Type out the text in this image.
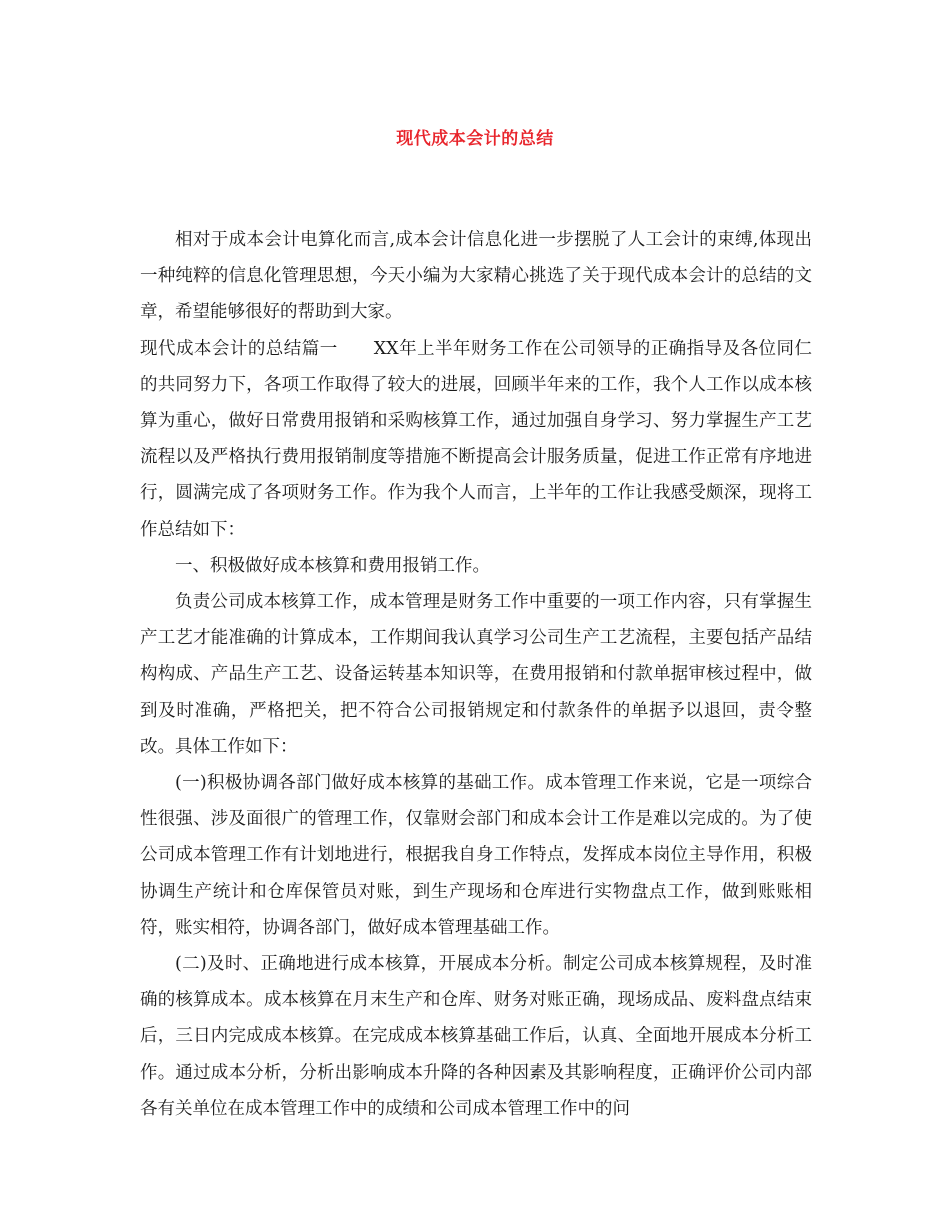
现代成本会计的总结

相对于成本会计电算化而言,成本会计信息化进一步摆脱了人工会计的束缚,体现出一种纯粹的信息化管理思想，今天小编为大家精心挑选了关于现代成本会计的总结的文章，希望能够很好的帮助到大家。

现代成本会计的总结篇一 XX年上半年财务工作在公司领导的正确指导及各位同仁的共同努力下，各项工作取得了较大的进展，回顾半年来的工作，我个人工作以成本核算为重心，做好日常费用报销和采购核算工作，通过加强自身学习、努力掌握生产工艺流程以及严格执行费用报销制度等措施不断提高会计服务质量，促进工作正常有序地进行，圆满完成了各项财务工作。作为我个人而言，上半年的工作让我感受颇深，现将工作总结如下：

一、积极做好成本核算和费用报销工作。

负责公司成本核算工作，成本管理是财务工作中重要的一项工作内容，只有掌握生产工艺才能准确的计算成本，工作期间我认真学习公司生产工艺流程，主要包括产品结构构成、产品生产工艺、设备运转基本知识等，在费用报销和付款单据审核过程中，做到及时准确，严格把关，把不符合公司报销规定和付款条件的单据予以退回，责令整改。具体工作如下：

(一)积极协调各部门做好成本核算的基础工作。成本管理工作来说，它是一项综合性很强、涉及面很广的管理工作，仅靠财会部门和成本会计工作是难以完成的。为了使公司成本管理工作有计划地进行，根据我自身工作特点，发挥成本岗位主导作用，积极协调生产统计和仓库保管员对账，到生产现场和仓库进行实物盘点工作，做到账账相符，账实相符，协调各部门，做好成本管理基础工作。

(二)及时、正确地进行成本核算，开展成本分析。制定公司成本核算规程，及时准确的核算成本。成本核算在月末生产和仓库、财务对账正确，现场成品、废料盘点结束后，三日内完成成本核算。在完成成本核算基础工作后，认真、全面地开展成本分析工作。通过成本分析，分析出影响成本升降的各种因素及其影响程度，正确评价公司内部各有关单位在成本管理工作中的成绩和公司成本管理工作中的问
